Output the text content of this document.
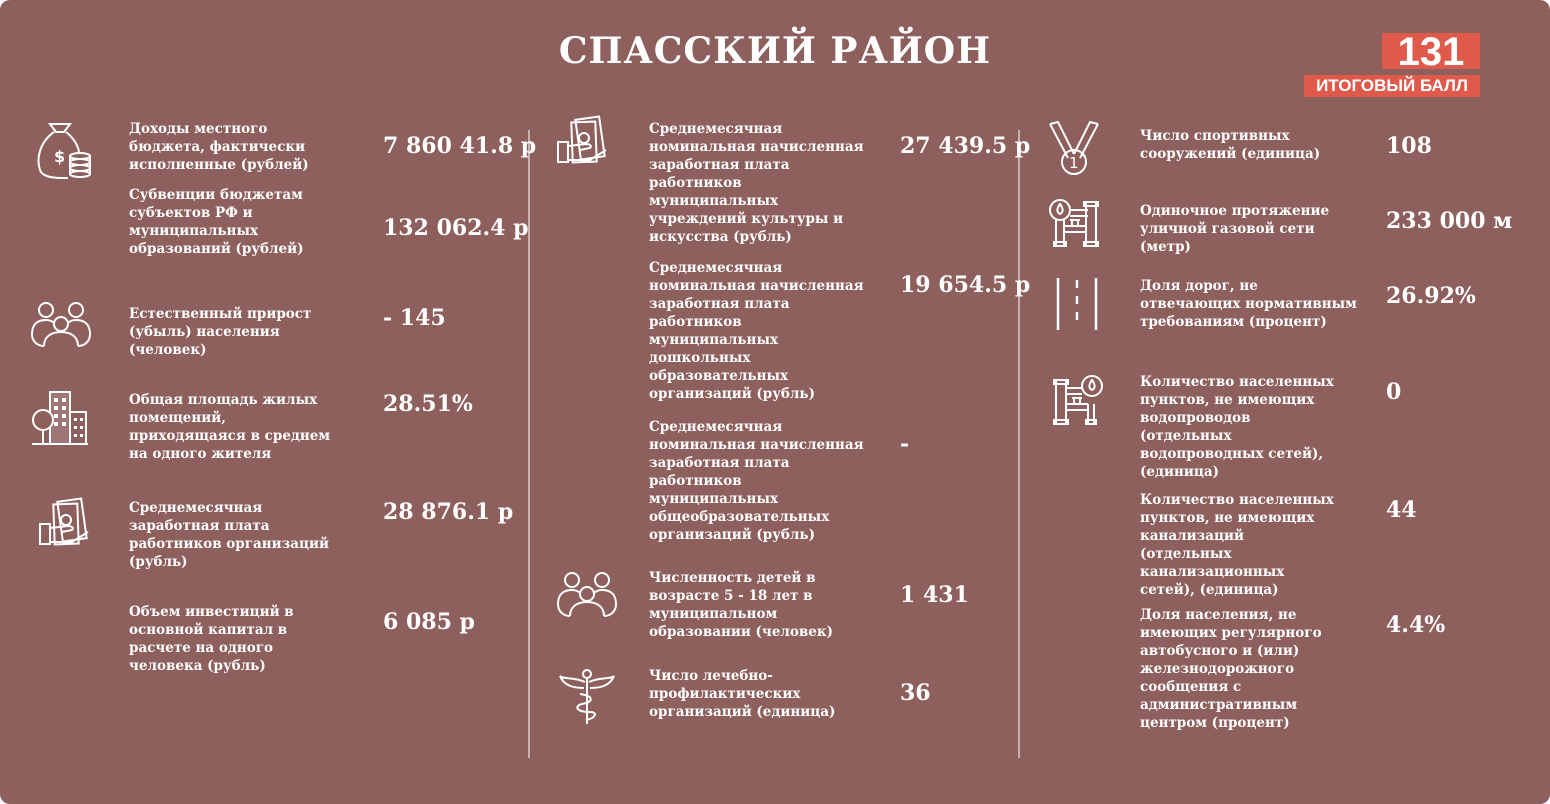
СПАССКИЙ РАЙОН	131
ИТОГОВЫЙ БАЛЛ
$
Доходы местного бюджета, фактически исполненные (рублей)
7 860 41.8 р
Субвенции бюджетам субъектов РФ и муниципальных образований (рублей)
132 062.4 р
Естественный прирост (убыль) населения (человек)
- 145
Общая площадь жилых помещений, приходящаяся в среднем на одного жителя
28.51%
Среднемесячная заработная плата работников организаций (рубль)
28 876.1 р
Объем инвестиций в основной капитал в расчете на одного человека (рубль)
6 085 р
Среднемесячная номинальная начисленная заработная плата работников муниципальных учреждений культуры и искусства (рубль)
27 439.5 р
Среднемесячная номинальная начисленная заработная плата работников муниципальных дошкольных образовательных организаций (рубль)
19 654.5 р
Среднемесячная номинальная начисленная заработная плата работников муниципальных общеобразовательных организаций (рубль)
-
Численность детей в возрасте 5 - 18 лет в муниципальном образовании (человек)
1 431
Число лечебно-профилактических организаций (единица)
36
1
Число спортивных сооружений (единица)	108
Одиночное протяжение уличной газовой сети (метр)
233 000 м
Доля дорог, не отвечающих нормативным требованиям (процент)
26.92%
Количество населенных пунктов, не имеющих водопроводов (отдельных водопроводных сетей), (единица)
0
Количество населенных пунктов, не имеющих канализаций (отдельных канализационных сетей), (единица)
44
Доля населения, не имеющих регулярного автобусного и (или) железнодорожного сообщения с административным центром (процент)
4.4%
